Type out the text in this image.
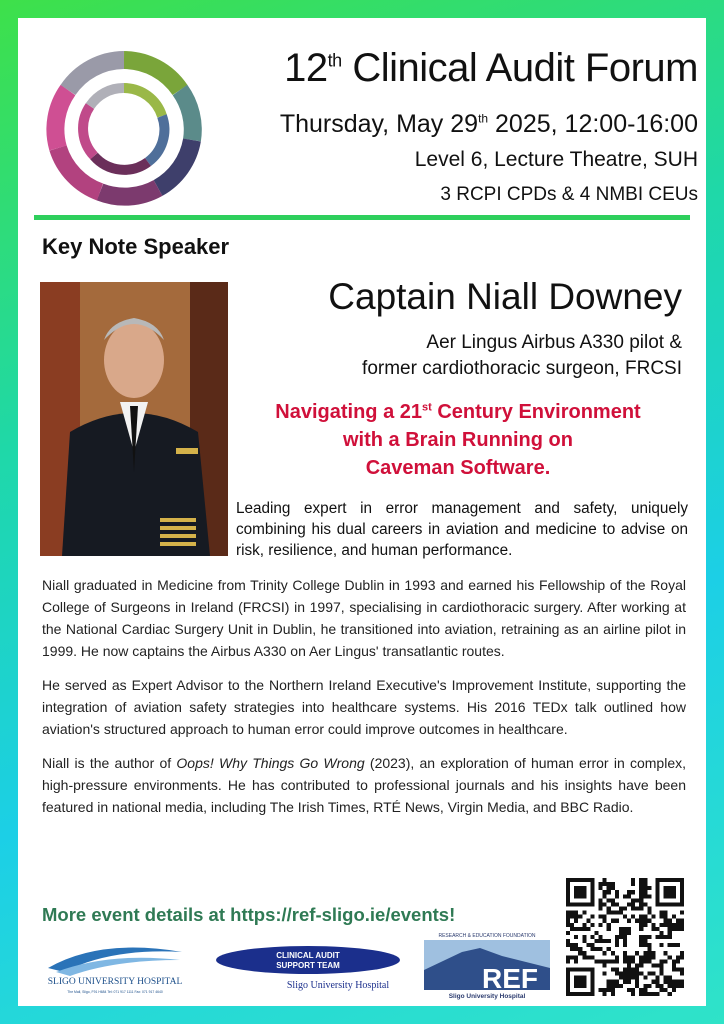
12th Clinical Audit Forum
Thursday, May 29th 2025, 12:00-16:00
Level 6, Lecture Theatre, SUH
3 RCPI CPDs & 4 NMBI CEUs
Key Note Speaker
Captain Niall Downey
Aer Lingus Airbus A330 pilot &
former cardiothoracic surgeon, FRCSI
Navigating a 21st Century Environment
with a Brain Running on
Caveman Software.
Leading expert in error management and safety, uniquely combining his dual careers in aviation and medicine to advise on risk, resilience, and human performance.

Niall graduated in Medicine from Trinity College Dublin in 1993 and earned his Fellowship of the Royal College of Surgeons in Ireland (FRCSI) in 1997, specialising in cardiothoracic surgery. After working at the National Cardiac Surgery Unit in Dublin, he transitioned into aviation, retraining as an airline pilot in 1999. He now captains the Airbus A330 on Aer Lingus' transatlantic routes.

He served as Expert Advisor to the Northern Ireland Executive's Improvement Institute, supporting the integration of aviation safety strategies into healthcare systems. His 2016 TEDx talk outlined how aviation's structured approach to human error could improve outcomes in healthcare.

Niall is the author of Oops! Why Things Go Wrong (2023), an exploration of human error in complex, high-pressure environments. He has contributed to professional journals and his insights have been featured in national media, including The Irish Times, RTÉ News, Virgin Media, and BBC Radio.

More event details at https://ref-sligo.ie/events!
SLIGO UNIVERSITY HOSPITAL
The Mall, Sligo, F91 H684 Tel: 071 917 1111 Fax: 071 917 4640
CLINICAL AUDIT
SUPPORT TEAM
Sligo University Hospital
RESEARCH & EDUCATION FOUNDATION
REF
Sligo University Hospital
